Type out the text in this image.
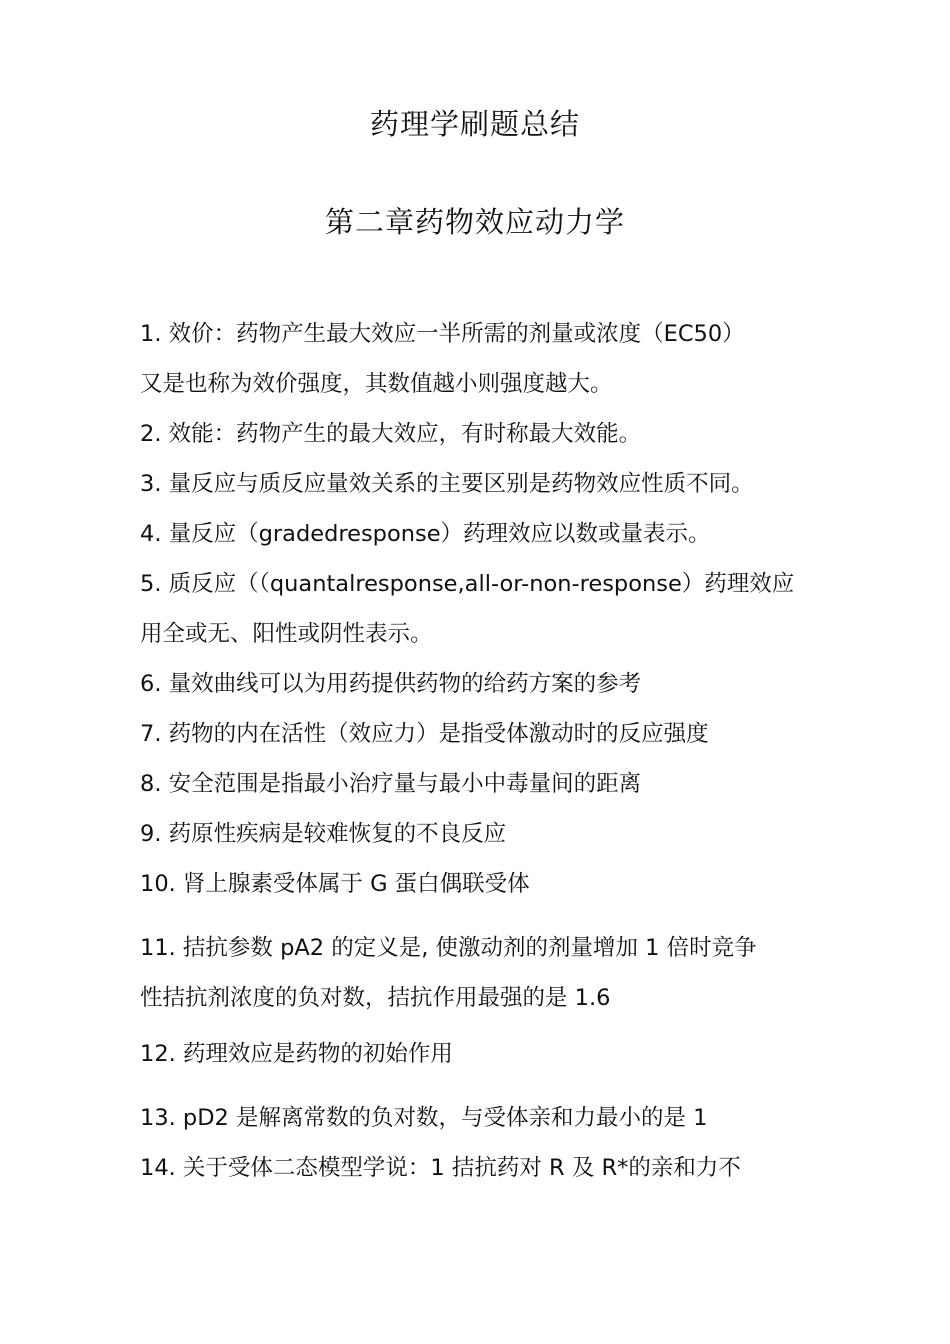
药理学刷题总结
第二章药物效应动力学
1. 效价：药物产生最大效应一半所需的剂量或浓度（EC50）
又是也称为效价强度，其数值越小则强度越大。
2. 效能：药物产生的最大效应，有时称最大效能。
3. 量反应与质反应量效关系的主要区别是药物效应性质不同。
4. 量反应（gradedresponse）药理效应以数或量表示。
5. 质反应（（quantalresponse,all-or-non-response）药理效应
用全或无、阳性或阴性表示。
6. 量效曲线可以为用药提供药物的给药方案的参考
7. 药物的内在活性（效应力）是指受体激动时的反应强度
8. 安全范围是指最小治疗量与最小中毒量间的距离
9. 药原性疾病是较难恢复的不良反应
10. 肾上腺素受体属于 G 蛋白偶联受体
11. 拮抗参数 pA2 的定义是, 使激动剂的剂量增加 1 倍时竞争
性拮抗剂浓度的负对数，拮抗作用最强的是 1.6
12. 药理效应是药物的初始作用
13. pD2 是解离常数的负对数，与受体亲和力最小的是 1
14. 关于受体二态模型学说：1 拮抗药对 R 及 R*的亲和力不
